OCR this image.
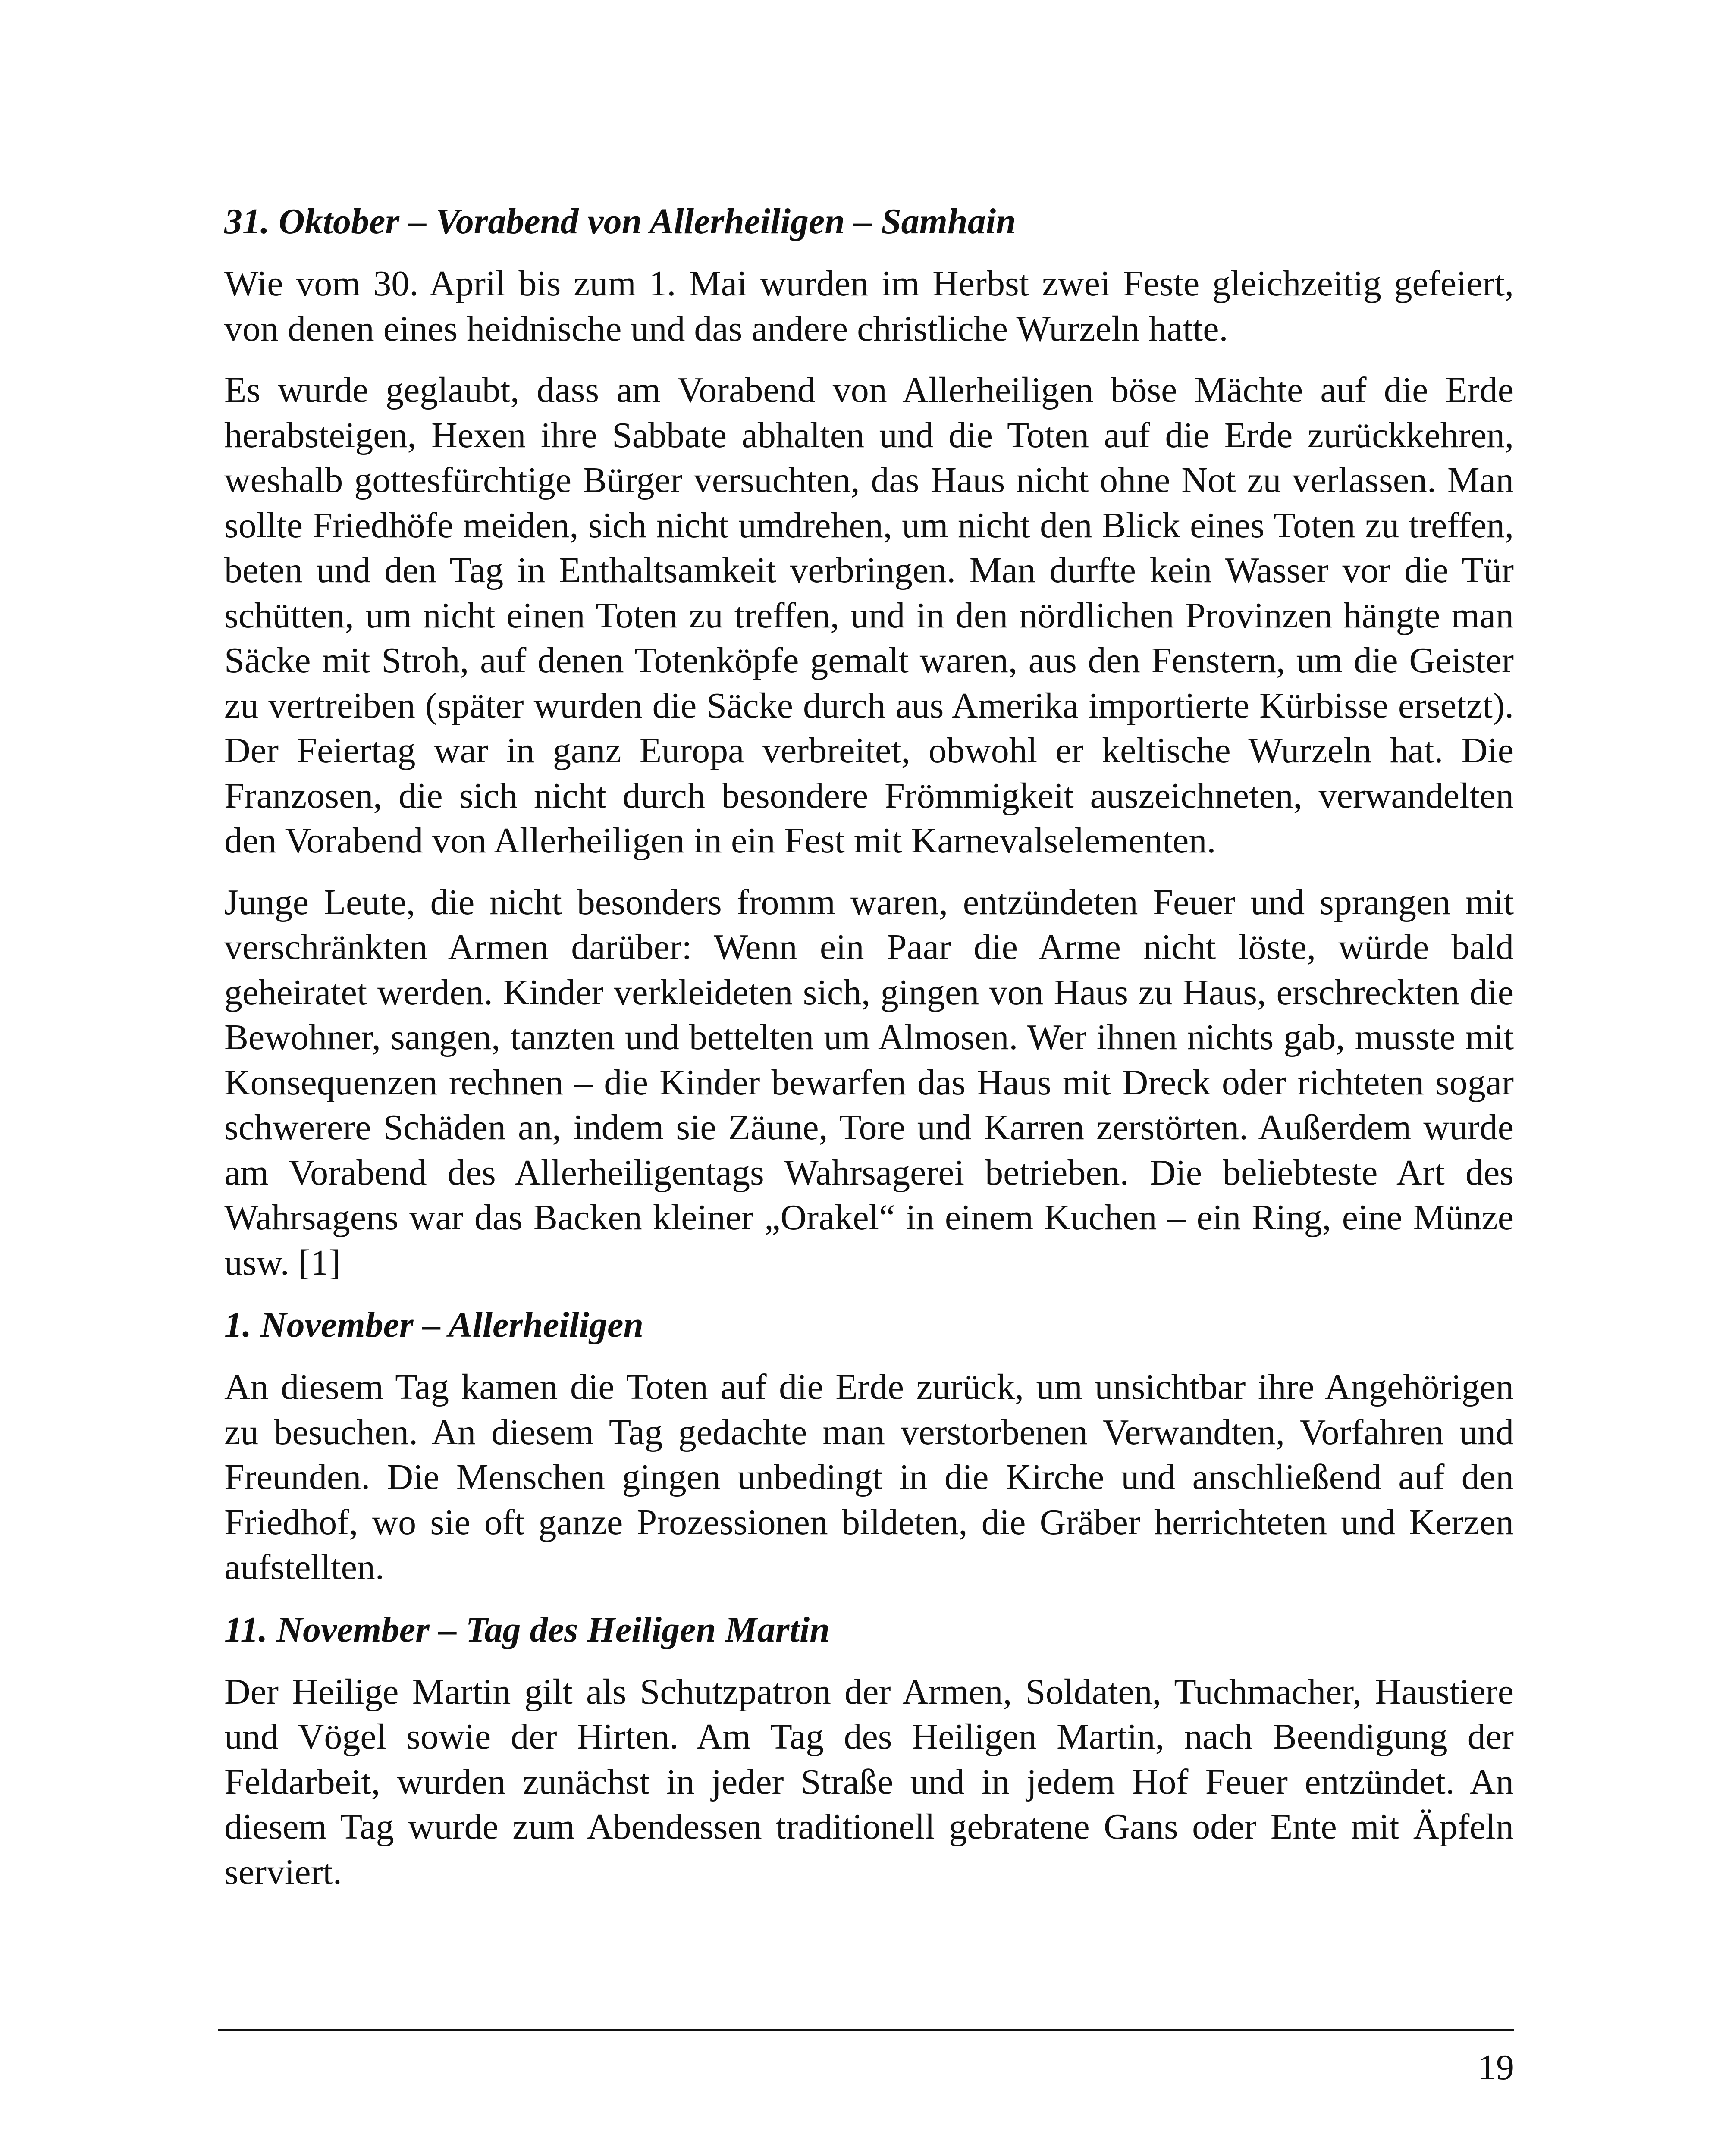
31. Oktober – Vorabend von Allerheiligen – Samhain

Wie vom 30. April bis zum 1. Mai wurden im Herbst zwei Feste gleichzeitig gefeiert, von denen eines heidnische und das andere christliche Wurzeln hatte.

Es wurde geglaubt, dass am Vorabend von Allerheiligen böse Mächte auf die Erde herabsteigen, Hexen ihre Sabbate abhalten und die Toten auf die Erde zurückkehren, weshalb gottesfürchtige Bürger versuchten, das Haus nicht ohne Not zu verlassen. Man sollte Friedhöfe meiden, sich nicht umdrehen, um nicht den Blick eines Toten zu treffen, beten und den Tag in Enthaltsamkeit verbringen. Man durfte kein Wasser vor die Tür schütten, um nicht einen Toten zu treffen, und in den nördlichen Provinzen hängte man Säcke mit Stroh, auf denen Totenköpfe gemalt waren, aus den Fenstern, um die Geister zu vertreiben (später wurden die Säcke durch aus Amerika importierte Kürbisse ersetzt). Der Feiertag war in ganz Europa verbreitet, obwohl er keltische Wurzeln hat. Die Franzosen, die sich nicht durch besondere Frömmigkeit auszeichneten, verwandelten den Vorabend von Allerheiligen in ein Fest mit Karnevalselementen.

Junge Leute, die nicht besonders fromm waren, entzündeten Feuer und sprangen mit verschränkten Armen darüber: Wenn ein Paar die Arme nicht löste, würde bald geheiratet werden. Kinder verkleideten sich, gingen von Haus zu Haus, erschreckten die Bewohner, sangen, tanzten und bettelten um Almosen. Wer ihnen nichts gab, musste mit Konsequenzen rechnen – die Kinder bewarfen das Haus mit Dreck oder richteten sogar schwerere Schäden an, indem sie Zäune, Tore und Karren zerstörten. Außerdem wurde am Vorabend des Allerheiligentags Wahrsagerei betrieben. Die beliebteste Art des Wahrsagens war das Backen kleiner „Orakel“ in einem Kuchen – ein Ring, eine Münze usw. [1]

1. November – Allerheiligen

An diesem Tag kamen die Toten auf die Erde zurück, um unsichtbar ihre Angehörigen zu besuchen. An diesem Tag gedachte man verstorbenen Verwandten, Vorfahren und Freunden. Die Menschen gingen unbedingt in die Kirche und anschließend auf den Friedhof, wo sie oft ganze Prozessionen bildeten, die Gräber herrichteten und Kerzen aufstellten.

11. November – Tag des Heiligen Martin

Der Heilige Martin gilt als Schutzpatron der Armen, Soldaten, Tuchmacher, Haustiere und Vögel sowie der Hirten. Am Tag des Heiligen Martin, nach Beendigung der Feldarbeit, wurden zunächst in jeder Straße und in jedem Hof Feuer entzündet. An diesem Tag wurde zum Abendessen traditionell gebratene Gans oder Ente mit Äpfeln serviert.

19
